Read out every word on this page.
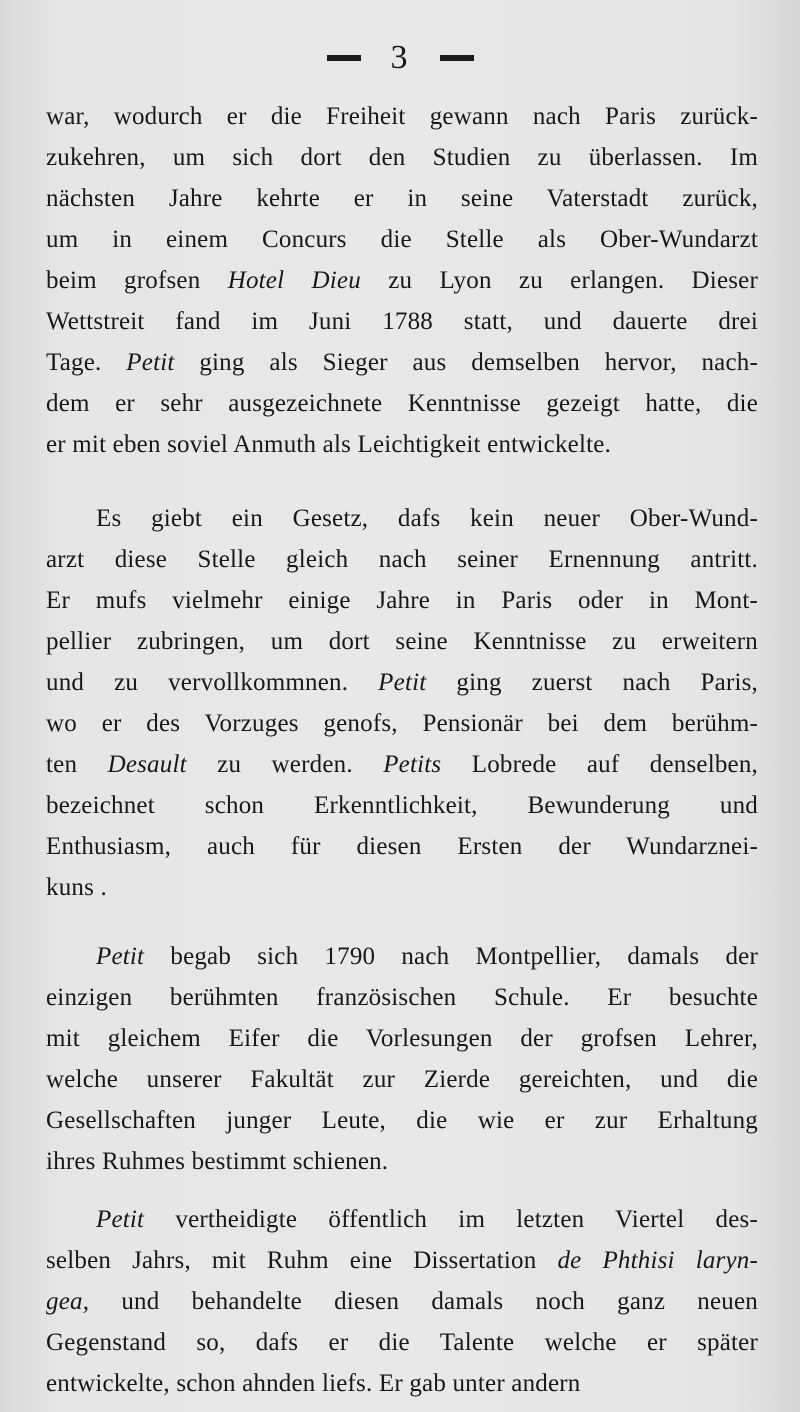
3
war, wodurch er die Freiheit gewann nach Paris zurück-
zukehren, um sich dort den Studien zu überlassen. Im
nächsten Jahre kehrte er in seine Vaterstadt zurück,
um in einem Concurs die Stelle als Ober-Wundarzt
beim grofsen Hotel Dieu zu Lyon zu erlangen. Dieser
Wettstreit fand im Juni 1788 statt, und dauerte drei
Tage. Petit ging als Sieger aus demselben hervor, nach-
dem er sehr ausgezeichnete Kenntnisse gezeigt hatte, die
er mit eben soviel Anmuth als Leichtigkeit entwickelte.
Es giebt ein Gesetz, dafs kein neuer Ober-Wund-
arzt diese Stelle gleich nach seiner Ernennung antritt.
Er mufs vielmehr einige Jahre in Paris oder in Mont-
pellier zubringen, um dort seine Kenntnisse zu erweitern
und zu vervollkommnen. Petit ging zuerst nach Paris,
wo er des Vorzuges genofs, Pensionär bei dem berühm-
ten Desault zu werden. Petits Lobrede auf denselben,
bezeichnet schon Erkenntlichkeit, Bewunderung und
Enthusiasm, auch für diesen Ersten der Wundarznei-
kuns .
Petit begab sich 1790 nach Montpellier, damals der
einzigen berühmten französischen Schule. Er besuchte
mit gleichem Eifer die Vorlesungen der grofsen Lehrer,
welche unserer Fakultät zur Zierde gereichten, und die
Gesellschaften junger Leute, die wie er zur Erhaltung
ihres Ruhmes bestimmt schienen.
Petit vertheidigte öffentlich im letzten Viertel des-
selben Jahrs, mit Ruhm eine Dissertation de Phthisi laryn-
gea, und behandelte diesen damals noch ganz neuen
Gegenstand so, dafs er die Talente welche er später
entwickelte, schon ahnden liefs. Er gab unter andern
